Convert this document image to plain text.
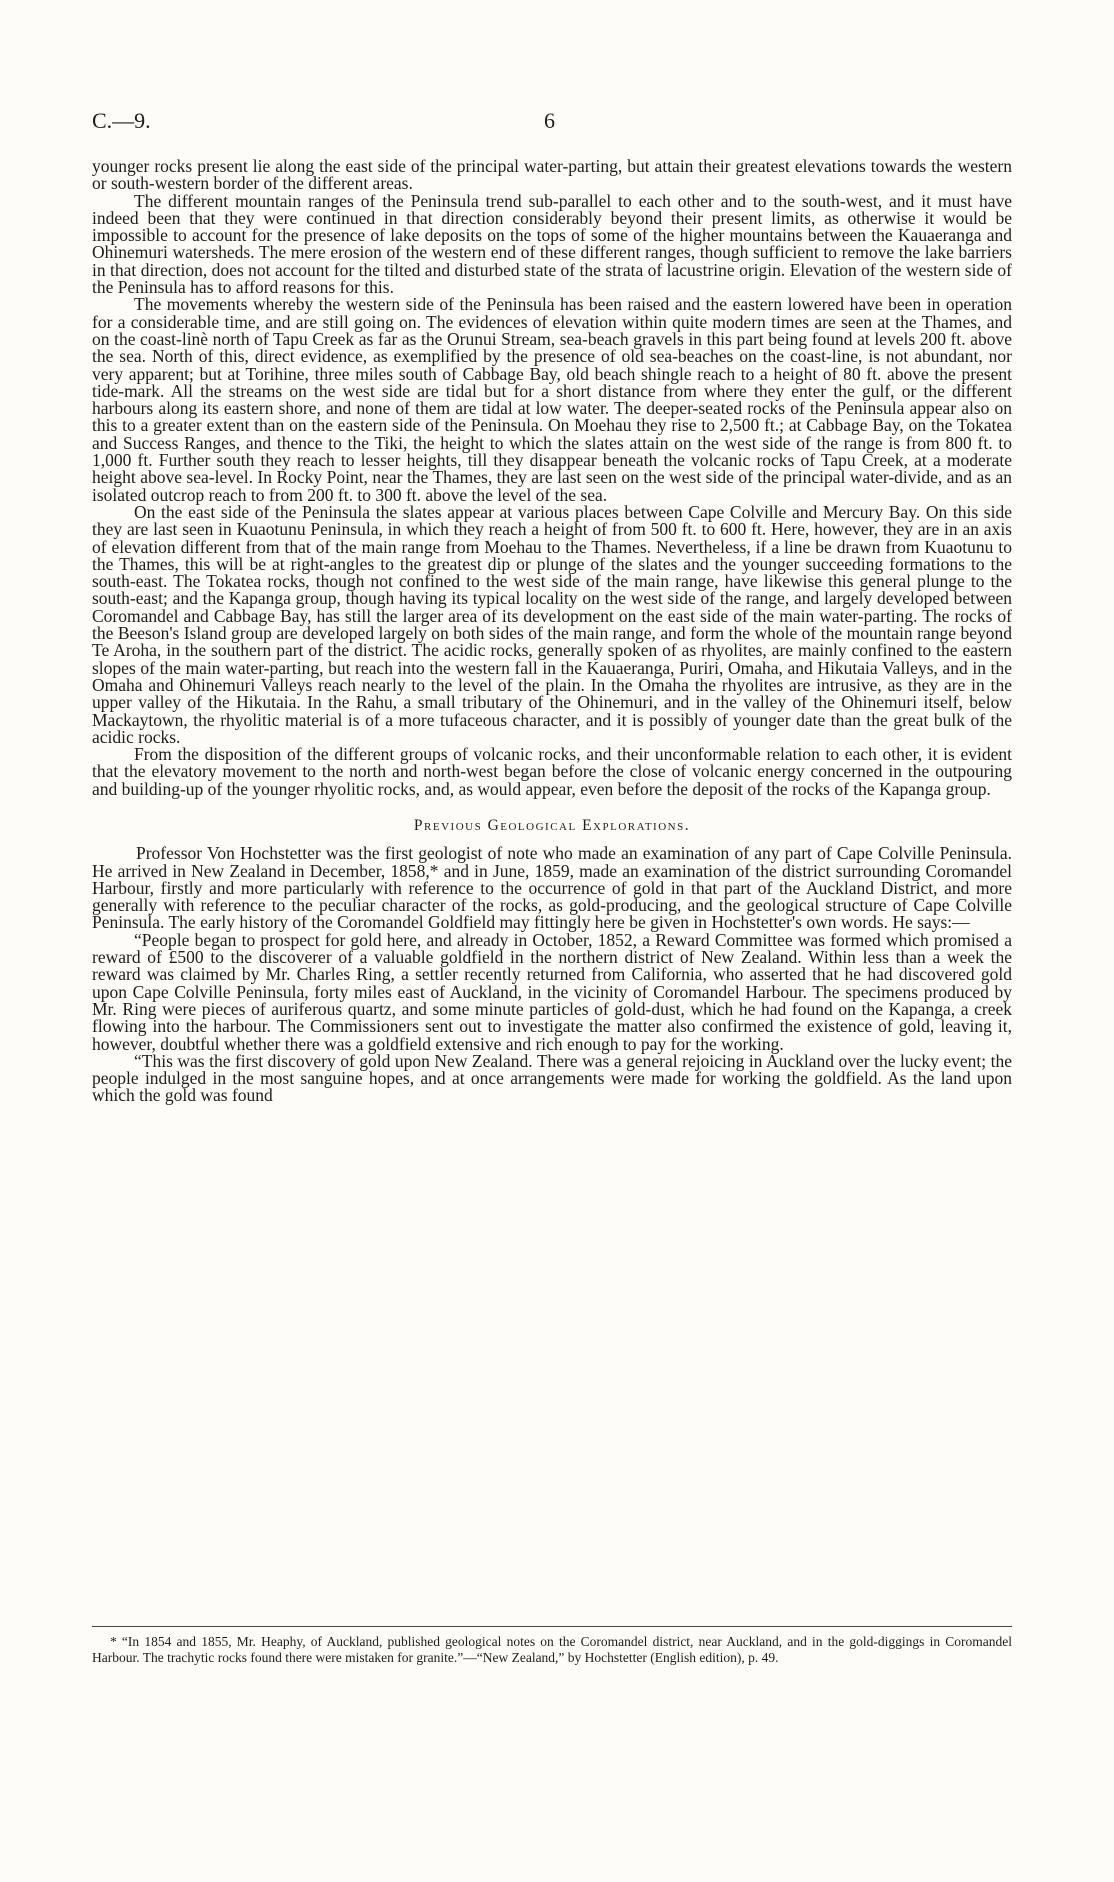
C.—9.	6

younger rocks present lie along the east side of the principal water-parting, but attain their greatest elevations towards the western or south-western border of the different areas.

The different mountain ranges of the Peninsula trend sub-parallel to each other and to the south-west, and it must have indeed been that they were continued in that direction considerably beyond their present limits, as otherwise it would be impossible to account for the presence of lake deposits on the tops of some of the higher mountains between the Kauaeranga and Ohinemuri watersheds. The mere erosion of the western end of these different ranges, though sufficient to remove the lake barriers in that direction, does not account for the tilted and disturbed state of the strata of lacustrine origin. Elevation of the western side of the Peninsula has to afford reasons for this.

The movements whereby the western side of the Peninsula has been raised and the eastern lowered have been in operation for a considerable time, and are still going on. The evidences of elevation within quite modern times are seen at the Thames, and on the coast-linè north of Tapu Creek as far as the Orunui Stream, sea-beach gravels in this part being found at levels 200 ft. above the sea. North of this, direct evidence, as exemplified by the presence of old sea-beaches on the coast-line, is not abundant, nor very apparent; but at Torihine, three miles south of Cabbage Bay, old beach shingle reach to a height of 80 ft. above the present tide-mark. All the streams on the west side are tidal but for a short distance from where they enter the gulf, or the different harbours along its eastern shore, and none of them are tidal at low water. The deeper-seated rocks of the Peninsula appear also on this to a greater extent than on the eastern side of the Peninsula. On Moehau they rise to 2,500 ft.; at Cabbage Bay, on the Tokatea and Success Ranges, and thence to the Tiki, the height to which the slates attain on the west side of the range is from 800 ft. to 1,000 ft. Further south they reach to lesser heights, till they disappear beneath the volcanic rocks of Tapu Creek, at a moderate height above sea-level. In Rocky Point, near the Thames, they are last seen on the west side of the principal water-divide, and as an isolated outcrop reach to from 200 ft. to 300 ft. above the level of the sea.

On the east side of the Peninsula the slates appear at various places between Cape Colville and Mercury Bay. On this side they are last seen in Kuaotunu Peninsula, in which they reach a height of from 500 ft. to 600 ft. Here, however, they are in an axis of elevation different from that of the main range from Moehau to the Thames. Nevertheless, if a line be drawn from Kuaotunu to the Thames, this will be at right-angles to the greatest dip or plunge of the slates and the younger succeeding formations to the south-east. The Tokatea rocks, though not confined to the west side of the main range, have likewise this general plunge to the south-east; and the Kapanga group, though having its typical locality on the west side of the range, and largely developed between Coromandel and Cabbage Bay, has still the larger area of its development on the east side of the main water-parting. The rocks of the Beeson's Island group are developed largely on both sides of the main range, and form the whole of the mountain range beyond Te Aroha, in the southern part of the district. The acidic rocks, generally spoken of as rhyolites, are mainly confined to the eastern slopes of the main water-parting, but reach into the western fall in the Kauaeranga, Puriri, Omaha, and Hikutaia Valleys, and in the Omaha and Ohinemuri Valleys reach nearly to the level of the plain. In the Omaha the rhyolites are intrusive, as they are in the upper valley of the Hikutaia. In the Rahu, a small tributary of the Ohinemuri, and in the valley of the Ohinemuri itself, below Mackaytown, the rhyolitic material is of a more tufaceous character, and it is possibly of younger date than the great bulk of the acidic rocks.

From the disposition of the different groups of volcanic rocks, and their unconformable relation to each other, it is evident that the elevatory movement to the north and north-west began before the close of volcanic energy concerned in the outpouring and building-up of the younger rhyolitic rocks, and, as would appear, even before the deposit of the rocks of the Kapanga group.

Previous Geological Explorations.

Professor Von Hochstetter was the first geologist of note who made an examination of any part of Cape Colville Peninsula. He arrived in New Zealand in December, 1858,* and in June, 1859, made an examination of the district surrounding Coromandel Harbour, firstly and more particularly with reference to the occurrence of gold in that part of the Auckland District, and more generally with reference to the peculiar character of the rocks, as gold-producing, and the geological structure of Cape Colville Peninsula. The early history of the Coromandel Goldfield may fittingly here be given in Hochstetter's own words. He says:—

“People began to prospect for gold here, and already in October, 1852, a Reward Committee was formed which promised a reward of £500 to the discoverer of a valuable goldfield in the northern district of New Zealand. Within less than a week the reward was claimed by Mr. Charles Ring, a settler recently returned from California, who asserted that he had discovered gold upon Cape Colville Peninsula, forty miles east of Auckland, in the vicinity of Coromandel Harbour. The specimens produced by Mr. Ring were pieces of auriferous quartz, and some minute particles of gold-dust, which he had found on the Kapanga, a creek flowing into the harbour. The Commissioners sent out to investigate the matter also confirmed the existence of gold, leaving it, however, doubtful whether there was a goldfield extensive and rich enough to pay for the working.

“This was the first discovery of gold upon New Zealand. There was a general rejoicing in Auckland over the lucky event; the people indulged in the most sanguine hopes, and at once arrangements were made for working the goldfield. As the land upon which the gold was found

* “In 1854 and 1855, Mr. Heaphy, of Auckland, published geological notes on the Coromandel district, near Auckland, and in the gold-diggings in Coromandel Harbour. The trachytic rocks found there were mistaken for granite.”—“New Zealand,” by Hochstetter (English edition), p. 49.
